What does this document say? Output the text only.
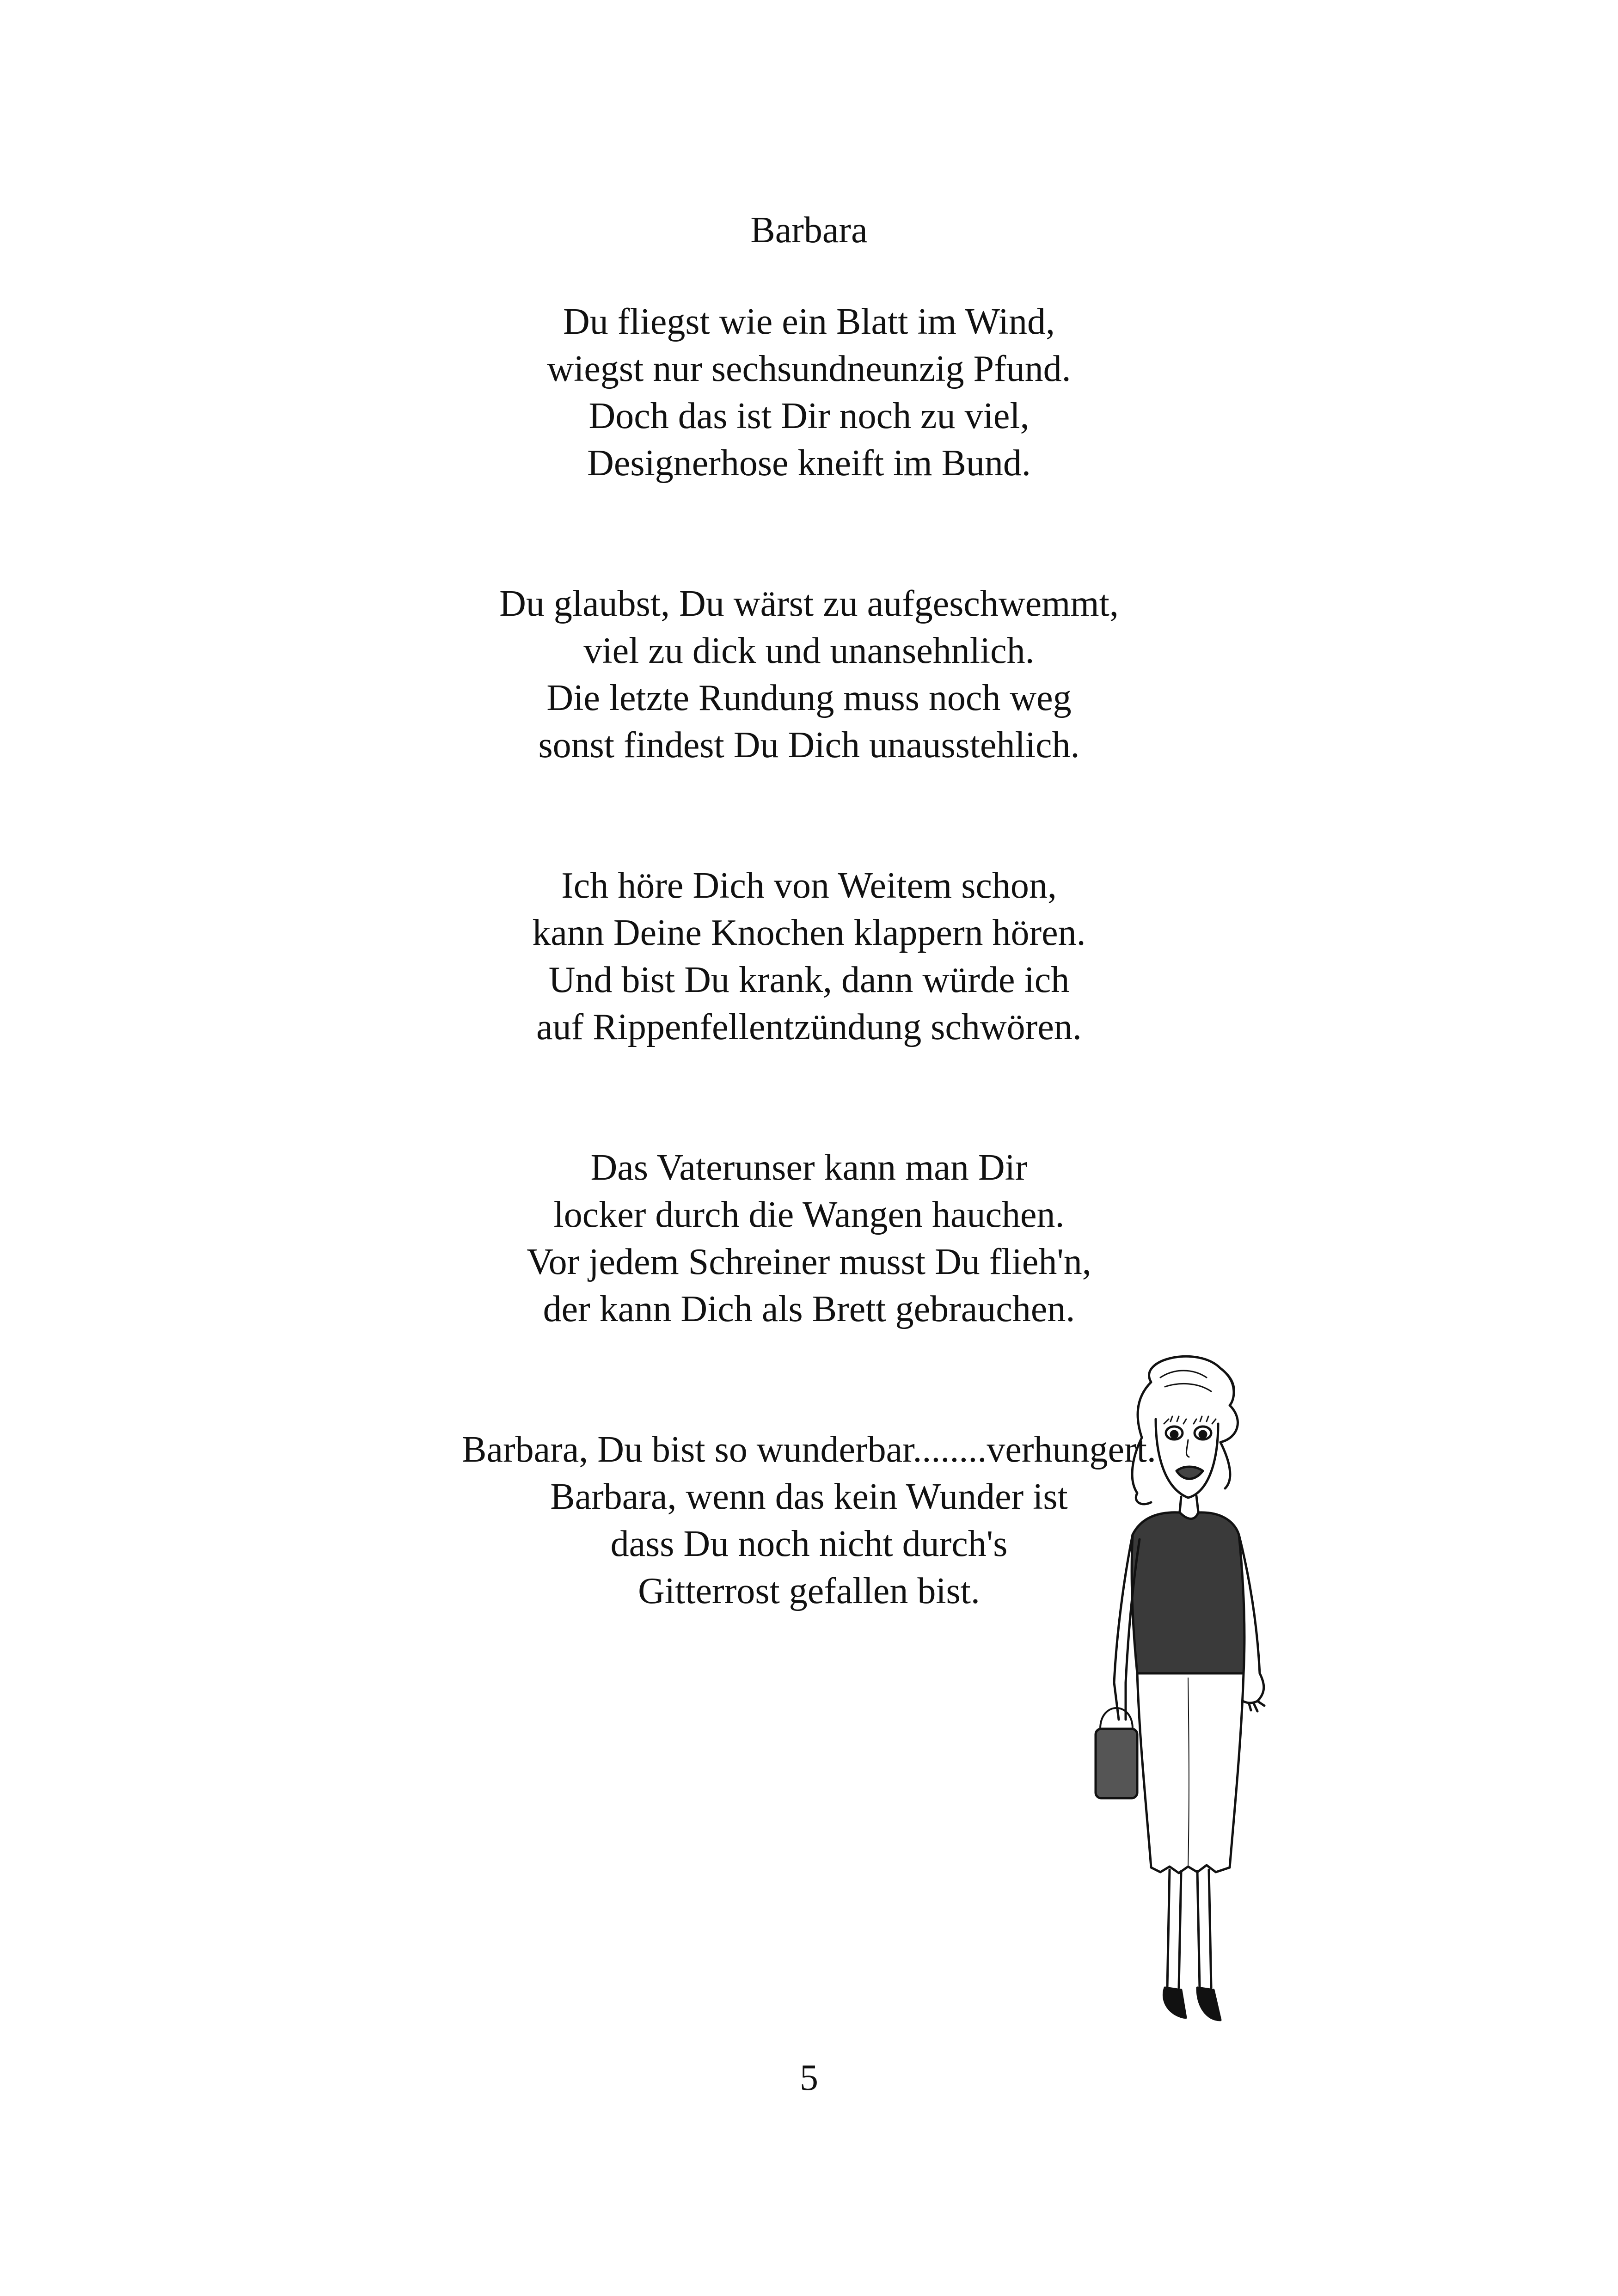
Barbara
Du fliegst wie ein Blatt im Wind,
wiegst nur sechsundneunzig Pfund.
Doch das ist Dir noch zu viel,
Designerhose kneift im Bund.
Du glaubst, Du wärst zu aufgeschwemmt,
viel zu dick und unansehnlich.
Die letzte Rundung muss noch weg
sonst findest Du Dich unausstehlich.
Ich höre Dich von Weitem schon,
kann Deine Knochen klappern hören.
Und bist Du krank, dann würde ich
auf Rippenfellentzündung schwören.
Das Vaterunser kann man Dir
locker durch die Wangen hauchen.
Vor jedem Schreiner musst Du flieh'n,
der kann Dich als Brett gebrauchen.
Barbara, Du bist so wunderbar........verhungert.
Barbara, wenn das kein Wunder ist
dass Du noch nicht durch's
Gitterrost gefallen bist.
5
